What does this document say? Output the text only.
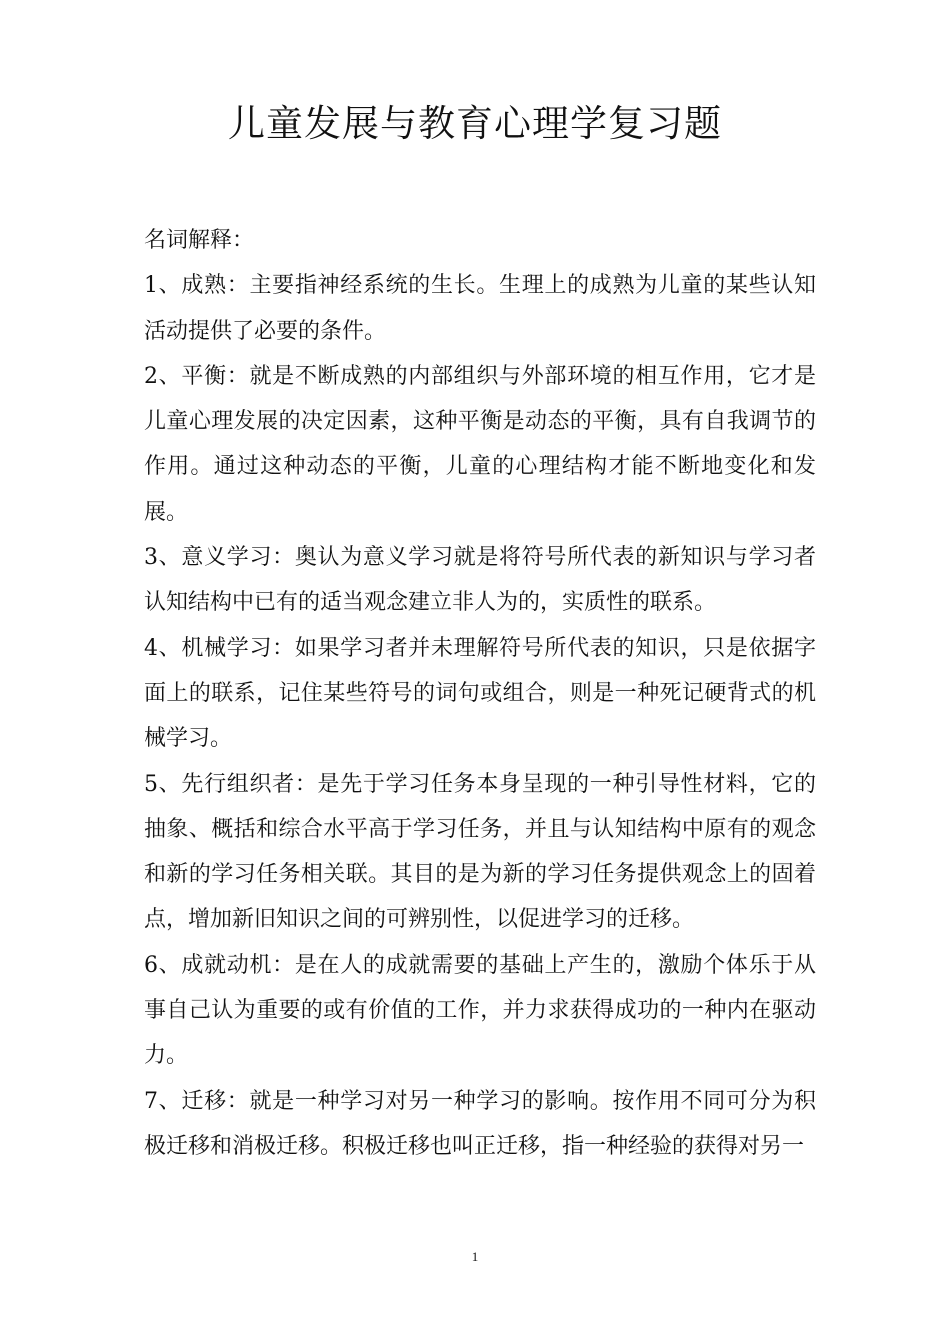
儿童发展与教育心理学复习题

名词解释：

1、成熟：主要指神经系统的生长。生理上的成熟为儿童的某些认知活动提供了必要的条件。

2、平衡：就是不断成熟的内部组织与外部环境的相互作用，它才是儿童心理发展的决定因素，这种平衡是动态的平衡，具有自我调节的作用。通过这种动态的平衡，儿童的心理结构才能不断地变化和发展。

3、意义学习：奥认为意义学习就是将符号所代表的新知识与学习者认知结构中已有的适当观念建立非人为的，实质性的联系。

4、机械学习：如果学习者并未理解符号所代表的知识，只是依据字面上的联系，记住某些符号的词句或组合，则是一种死记硬背式的机械学习。

5、先行组织者：是先于学习任务本身呈现的一种引导性材料，它的抽象、概括和综合水平高于学习任务，并且与认知结构中原有的观念和新的学习任务相关联。其目的是为新的学习任务提供观念上的固着点，增加新旧知识之间的可辨别性，以促进学习的迁移。

6、成就动机：是在人的成就需要的基础上产生的，激励个体乐于从事自己认为重要的或有价值的工作，并力求获得成功的一种内在驱动力。

7、迁移：就是一种学习对另一种学习的影响。按作用不同可分为积极迁移和消极迁移。积极迁移也叫正迁移，指一种经验的获得对另一

1
